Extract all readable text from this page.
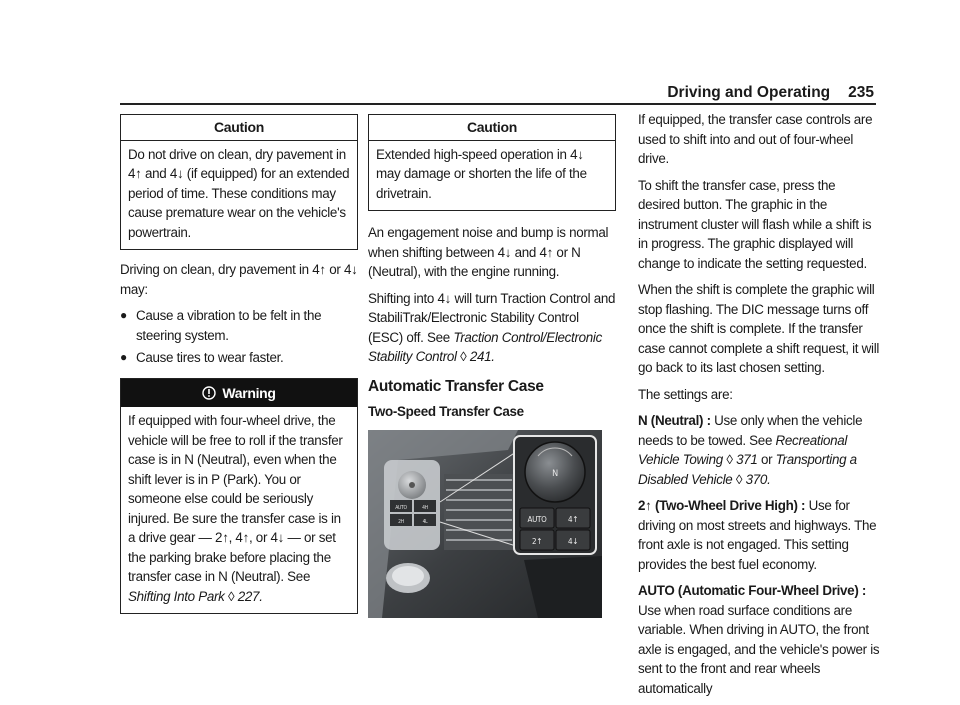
Driving and Operating 235
Caution

Do not drive on clean, dry pavement in 4↑ and 4↓ (if equipped) for an extended period of time. These conditions may cause premature wear on the vehicle's powertrain.

Driving on clean, dry pavement in 4↑ or 4↓ may:

● Cause a vibration to be felt in the steering system.
● Cause tires to wear faster.
Warning

If equipped with four-wheel drive, the vehicle will be free to roll if the transfer case is in N (Neutral), even when the shift lever is in P (Park). You or someone else could be seriously injured. Be sure the transfer case is in a drive gear — 2↑, 4↑, or 4↓ — or set the parking brake before placing the transfer case in N (Neutral). See Shifting Into Park ◊ 227.

Caution

Extended high-speed operation in 4↓ may damage or shorten the life of the drivetrain.

An engagement noise and bump is normal when shifting between 4↓ and 4↑ or N (Neutral), with the engine running.

Shifting into 4↓ will turn Traction Control and StabiliTrak/Electronic Stability Control (ESC) off. See Traction Control/Electronic Stability Control ◊ 241.

Automatic Transfer Case
Two-Speed Transfer Case
AUTO	4H
2H	4L
N
AUTO	4↑
2↑	4↓

If equipped, the transfer case controls are used to shift into and out of four-wheel drive.

To shift the transfer case, press the desired button. The graphic in the instrument cluster will flash while a shift is in progress. The graphic displayed will change to indicate the setting requested.

When the shift is complete the graphic will stop flashing. The DIC message turns off once the shift is complete. If the transfer case cannot complete a shift request, it will go back to its last chosen setting.

The settings are:

N (Neutral) : Use only when the vehicle needs to be towed. See Recreational Vehicle Towing ◊ 371 or Transporting a Disabled Vehicle ◊ 370.

2↑ (Two-Wheel Drive High) : Use for driving on most streets and highways. The front axle is not engaged. This setting provides the best fuel economy.

AUTO (Automatic Four-Wheel Drive) : Use when road surface conditions are variable. When driving in AUTO, the front axle is engaged, and the vehicle's power is sent to the front and rear wheels automatically
